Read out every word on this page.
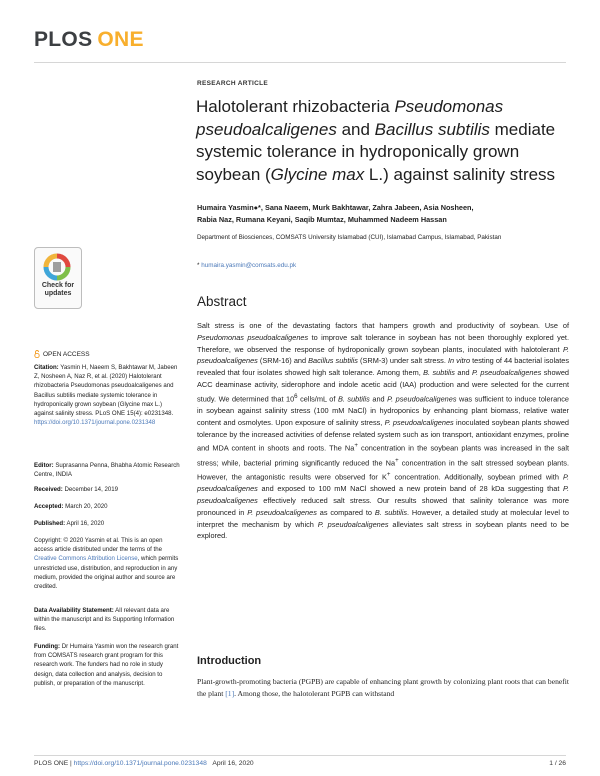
PLOS ONE
Check for
updates
OPEN ACCESS
Citation: Yasmin H, Naeem S, Bakhtawar M, Jabeen Z, Nosheen A, Naz R, et al. (2020) Halotolerant rhizobacteria Pseudomonas pseudoalcaligenes and Bacillus subtilis mediate systemic tolerance in hydroponically grown soybean (Glycine max L.) against salinity stress. PLoS ONE 15(4): e0231348. https://doi.org/10.1371/journal.pone.0231348
Editor: Suprasanna Penna, Bhabha Atomic Research Centre, INDIA
Received: December 14, 2019
Accepted: March 20, 2020
Published: April 16, 2020
Copyright: © 2020 Yasmin et al. This is an open access article distributed under the terms of the Creative Commons Attribution License, which permits unrestricted use, distribution, and reproduction in any medium, provided the original author and source are credited.
Data Availability Statement: All relevant data are within the manuscript and its Supporting Information files.
Funding: Dr Humaira Yasmin won the research grant from COMSATS research grant program for this research work. The funders had no role in study design, data collection and analysis, decision to publish, or preparation of the manuscript.
RESEARCH ARTICLE
Halotolerant rhizobacteria Pseudomonas
pseudoalcaligenes and Bacillus subtilis mediate
systemic tolerance in hydroponically grown
soybean (Glycine max L.) against salinity stress
Humaira Yasmin●*, Sana Naeem, Murk Bakhtawar, Zahra Jabeen, Asia Nosheen,
Rabia Naz, Rumana Keyani, Saqib Mumtaz, Muhammed Nadeem Hassan
Department of Biosciences, COMSATS University Islamabad (CUI), Islamabad Campus, Islamabad, Pakistan
* humaira.yasmin@comsats.edu.pk
Abstract
Salt stress is one of the devastating factors that hampers growth and productivity of soybean. Use of Pseudomonas pseudoalcaligenes to improve salt tolerance in soybean has not been thoroughly explored yet. Therefore, we observed the response of hydroponically grown soybean plants, inoculated with halotolerant P. pseudoalcaligenes (SRM-16) and Bacillus subtilis (SRM-3) under salt stress. In vitro testing of 44 bacterial isolates revealed that four isolates showed high salt tolerance. Among them, B. subtilis and P. pseudoalcaligenes showed ACC deaminase activity, siderophore and indole acetic acid (IAA) production and were selected for the current study. We determined that $10^6$ cells/mL of B. subtilis and P. pseudoalcaligenes was sufficient to induce tolerance in soybean against salinity stress (100 mM NaCl) in hydroponics by enhancing plant biomass, relative water content and osmolytes. Upon exposure of salinity stress, P. pseudoalcaligenes inoculated soybean plants showed tolerance by the increased activities of defense related system such as ion transport, antioxidant enzymes, proline and MDA content in shoots and roots. The Na+ concentration in the soybean plants was increased in the salt stress; while, bacterial priming significantly reduced the Na+ concentration in the salt stressed soybean plants. However, the antagonistic results were observed for K+ concentration. Additionally, soybean primed with P. pseudoalcaligenes and exposed to 100 mM NaCl showed a new protein band of 28 kDa suggesting that P. pseudoalcaligenes effectively reduced salt stress. Our results showed that salinity tolerance was more pronounced in P. pseudoalcaligenes as compared to B. subtilis. However, a detailed study at molecular level to interpret the mechanism by which P. pseudoalcaligenes alleviates salt stress in soybean plants need to be explored.
Introduction
Plant-growth-promoting bacteria (PGPB) are capable of enhancing plant growth by colonizing plant roots that can benefit the plant [1]. Among those, the halotolerant PGPB can withstand
PLOS ONE | https://doi.org/10.1371/journal.pone.0231348 April 16, 2020	1 / 26
